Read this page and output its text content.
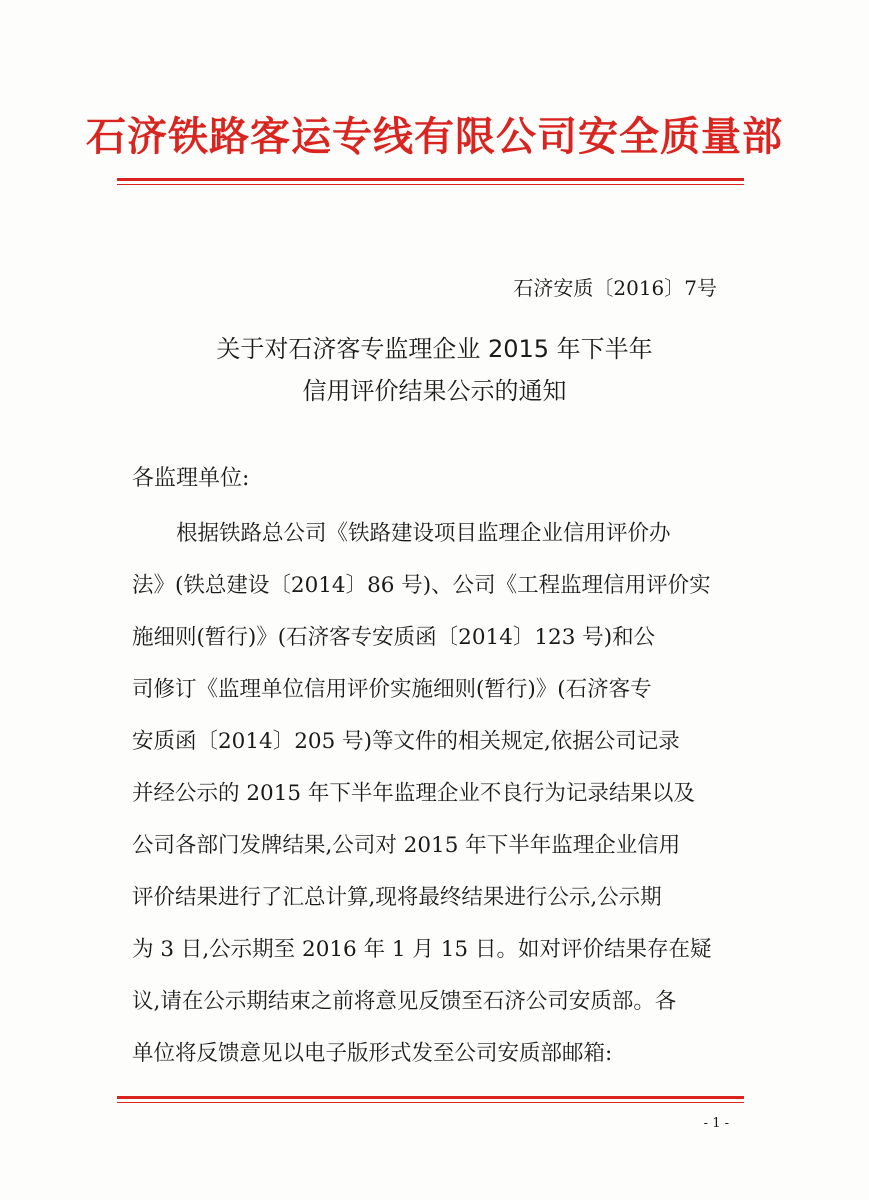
石济铁路客运专线有限公司安全质量部
石济安质〔2016〕7号
关于对石济客专监理企业 2015 年下半年
信用评价结果公示的通知
各监理单位:
根据铁路总公司《铁路建设项目监理企业信用评价办
法》(铁总建设〔2014〕86 号)、公司《工程监理信用评价实
施细则(暂行)》(石济客专安质函〔2014〕123 号)和公
司修订《监理单位信用评价实施细则(暂行)》(石济客专
安质函〔2014〕205 号)等文件的相关规定,依据公司记录
并经公示的 2015 年下半年监理企业不良行为记录结果以及
公司各部门发牌结果,公司对 2015 年下半年监理企业信用
评价结果进行了汇总计算,现将最终结果进行公示,公示期
为 3 日,公示期至 2016 年 1 月 15 日。如对评价结果存在疑
议,请在公示期结束之前将意见反馈至石济公司安质部。各
单位将反馈意见以电子版形式发至公司安质部邮箱:
- 1 -
